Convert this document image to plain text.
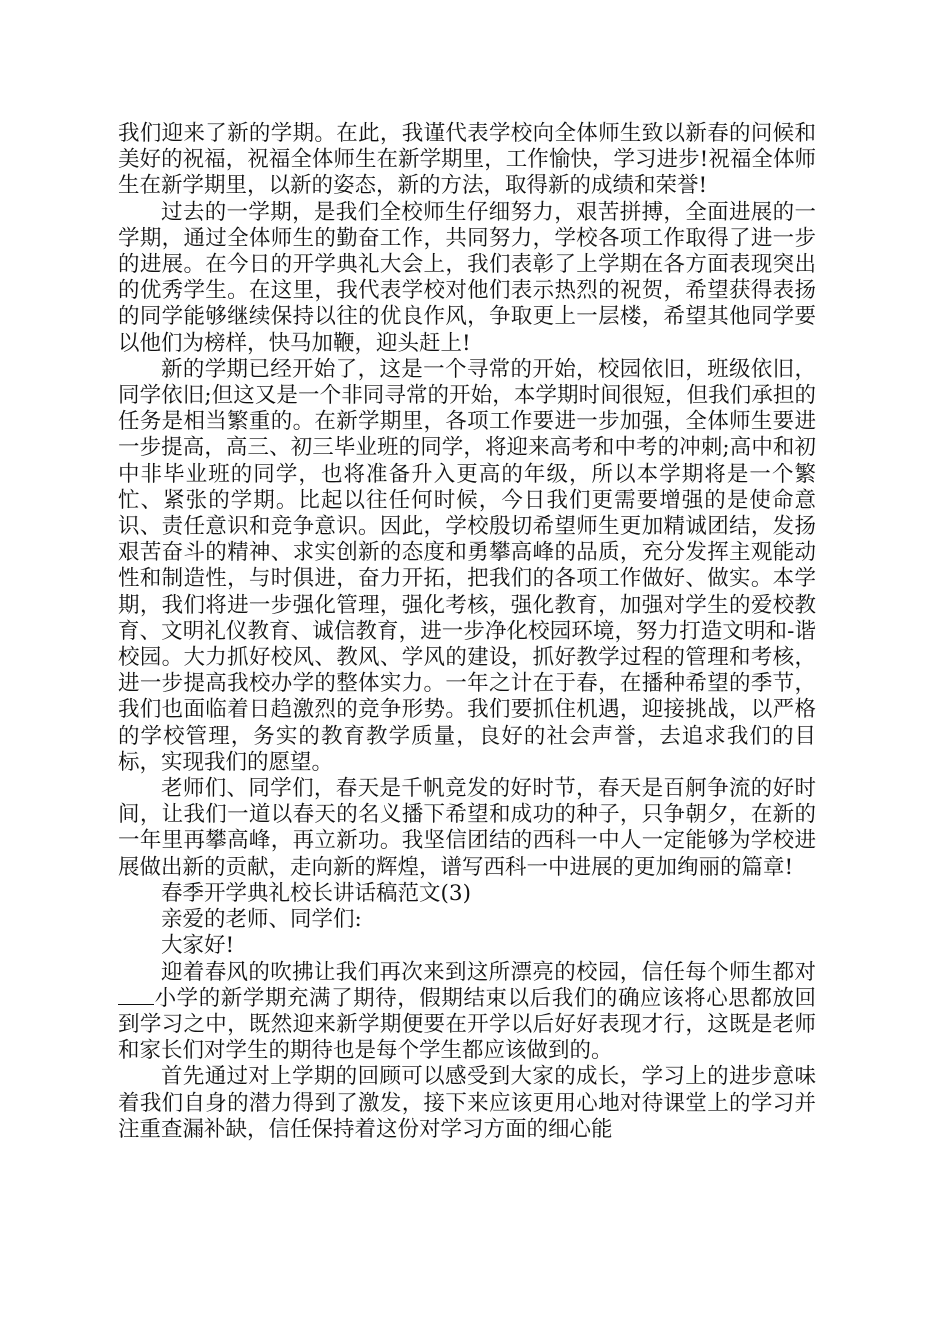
我们迎来了新的学期。在此，我谨代表学校向全体师生致以新春的问候和美好的祝福，祝福全体师生在新学期里，工作愉快，学习进步!祝福全体师生在新学期里，以新的姿态，新的方法，取得新的成绩和荣誉!

过去的一学期，是我们全校师生仔细努力，艰苦拼搏，全面进展的一学期，通过全体师生的勤奋工作，共同努力，学校各项工作取得了进一步的进展。在今日的开学典礼大会上，我们表彰了上学期在各方面表现突出的优秀学生。在这里，我代表学校对他们表示热烈的祝贺，希望获得表扬的同学能够继续保持以往的优良作风，争取更上一层楼，希望其他同学要以他们为榜样，快马加鞭，迎头赶上!

新的学期已经开始了，这是一个寻常的开始，校园依旧，班级依旧，同学依旧;但这又是一个非同寻常的开始，本学期时间很短，但我们承担的任务是相当繁重的。在新学期里，各项工作要进一步加强，全体师生要进一步提高，高三、初三毕业班的同学，将迎来高考和中考的冲刺;高中和初中非毕业班的同学，也将准备升入更高的年级，所以本学期将是一个繁忙、紧张的学期。比起以往任何时候，今日我们更需要增强的是使命意识、责任意识和竞争意识。因此，学校殷切希望师生更加精诚团结，发扬艰苦奋斗的精神、求实创新的态度和勇攀高峰的品质，充分发挥主观能动性和制造性，与时俱进，奋力开拓，把我们的各项工作做好、做实。本学期，我们将进一步强化管理，强化考核，强化教育，加强对学生的爱校教育、文明礼仪教育、诚信教育，进一步净化校园环境，努力打造文明和-谐校园。大力抓好校风、教风、学风的建设，抓好教学过程的管理和考核，进一步提高我校办学的整体实力。一年之计在于春，在播种希望的季节，我们也面临着日趋激烈的竞争形势。我们要抓住机遇，迎接挑战，以严格的学校管理，务实的教育教学质量，良好的社会声誉，去追求我们的目标，实现我们的愿望。

老师们、同学们，春天是千帆竞发的好时节，春天是百舸争流的好时间，让我们一道以春天的名义播下希望和成功的种子，只争朝夕，在新的一年里再攀高峰，再立新功。我坚信团结的西科一中人一定能够为学校进展做出新的贡献，走向新的辉煌，谱写西科一中进展的更加绚丽的篇章!

春季开学典礼校长讲话稿范文(3)

亲爱的老师、同学们:

大家好!

迎着春风的吹拂让我们再次来到这所漂亮的校园，信任每个师生都对小学的新学期充满了期待，假期结束以后我们的确应该将心思都放回到学习之中，既然迎来新学期便要在开学以后好好表现才行，这既是老师和家长们对学生的期待也是每个学生都应该做到的。

首先通过对上学期的回顾可以感受到大家的成长，学习上的进步意味着我们自身的潜力得到了激发，接下来应该更用心地对待课堂上的学习并注重查漏补缺，信任保持着这份对学习方面的细心能
